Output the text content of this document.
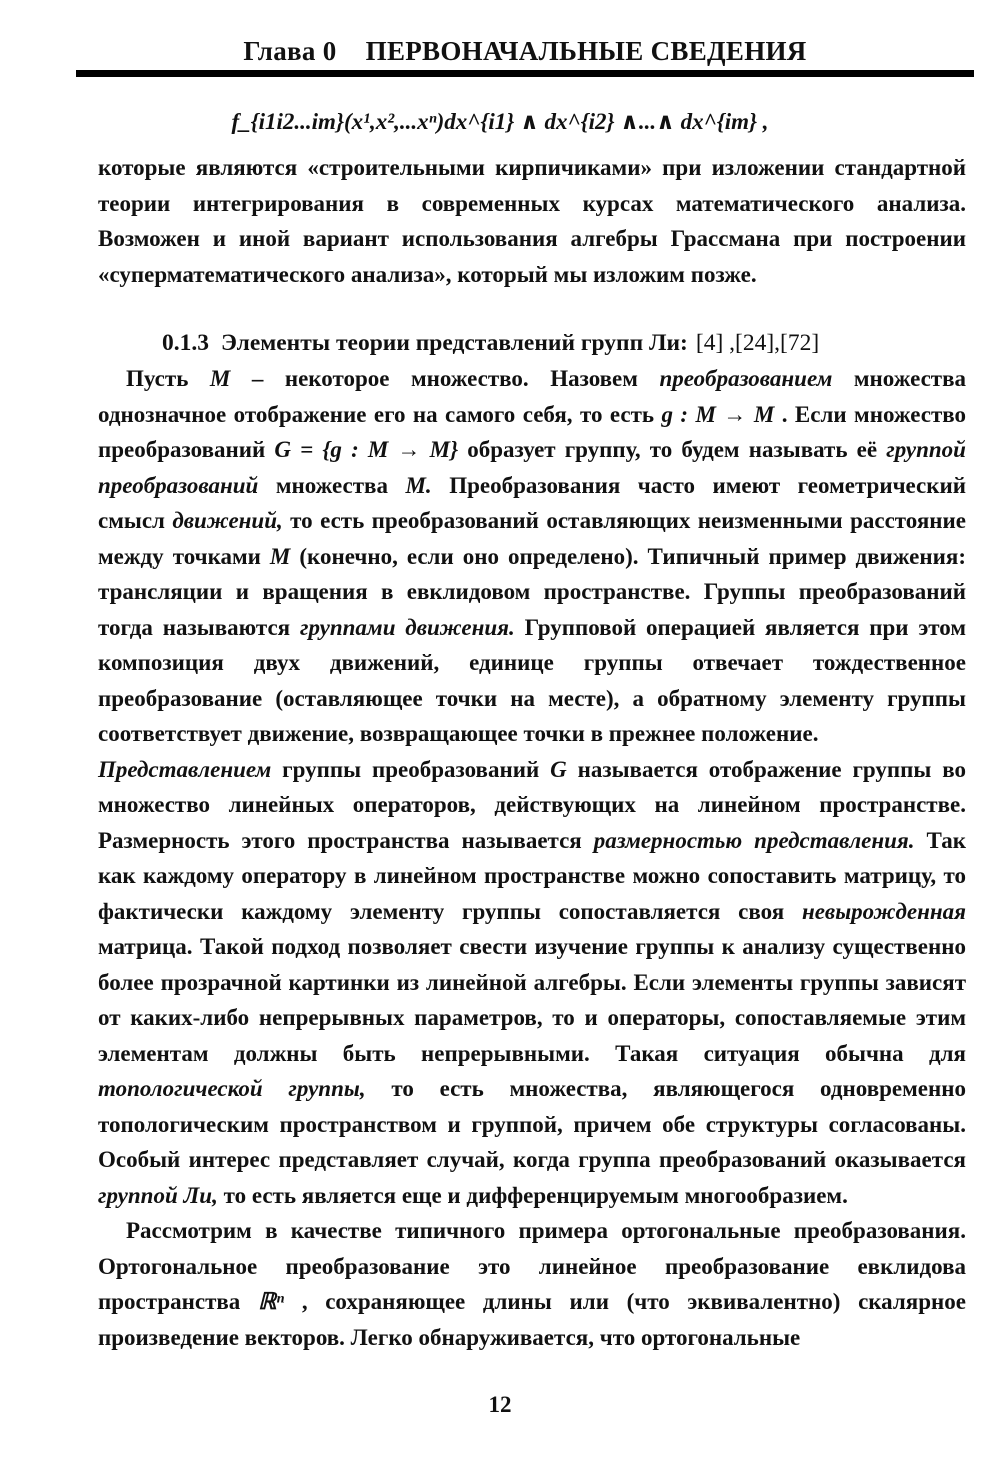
Глава 0 ПЕРВОНАЧАЛЬНЫЕ СВЕДЕНИЯ
f_{i1i2...im}(x¹,x²,...xⁿ)dx^{i1} ∧ dx^{i2} ∧...∧ dx^{im} ,

которые являются «строительными кирпичиками» при изложении стандартной теории интегрирования в современных курсах математического анализа. Возможен и иной вариант использования алгебры Грассмана при построении «суперматематического анализа», который мы изложим позже.

0.1.3 Элементы теории представлений групп Ли: [4] ,[24],[72]

Пусть M – некоторое множество. Назовем преобразованием множества однозначное отображение его на самого себя, то есть g : M → M . Если множество преобразований G = {g : M → M} образует группу, то будем называть её группой преобразований множества M. Преобразования часто имеют геометрический смысл движений, то есть преобразований оставляющих неизменными расстояние между точками M (конечно, если оно определено). Типичный пример движения: трансляции и вращения в евклидовом пространстве. Группы преобразований тогда называются группами движения. Групповой операцией является при этом композиция двух движений, единице группы отвечает тождественное преобразование (оставляющее точки на месте), а обратному элементу группы соответствует движение, возвращающее точки в прежнее положение.

Представлением группы преобразований G называется отображение группы во множество линейных операторов, действующих на линейном пространстве. Размерность этого пространства называется размерностью представления. Так как каждому оператору в линейном пространстве можно сопоставить матрицу, то фактически каждому элементу группы сопоставляется своя невырожденная матрица. Такой подход позволяет свести изучение группы к анализу существенно более прозрачной картинки из линейной алгебры. Если элементы группы зависят от каких-либо непрерывных параметров, то и операторы, сопоставляемые этим элементам должны быть непрерывными. Такая ситуация обычна для топологической группы, то есть множества, являющегося одновременно топологическим пространством и группой, причем обе структуры согласованы. Особый интерес представляет случай, когда группа преобразований оказывается группой Ли, то есть является еще и дифференцируемым многообразием.

Рассмотрим в качестве типичного примера ортогональные преобразования. Ортогональное преобразование это линейное преобразование евклидова пространства ℝⁿ , сохраняющее длины или (что эквивалентно) скалярное произведение векторов. Легко обнаруживается, что ортогональные

12
